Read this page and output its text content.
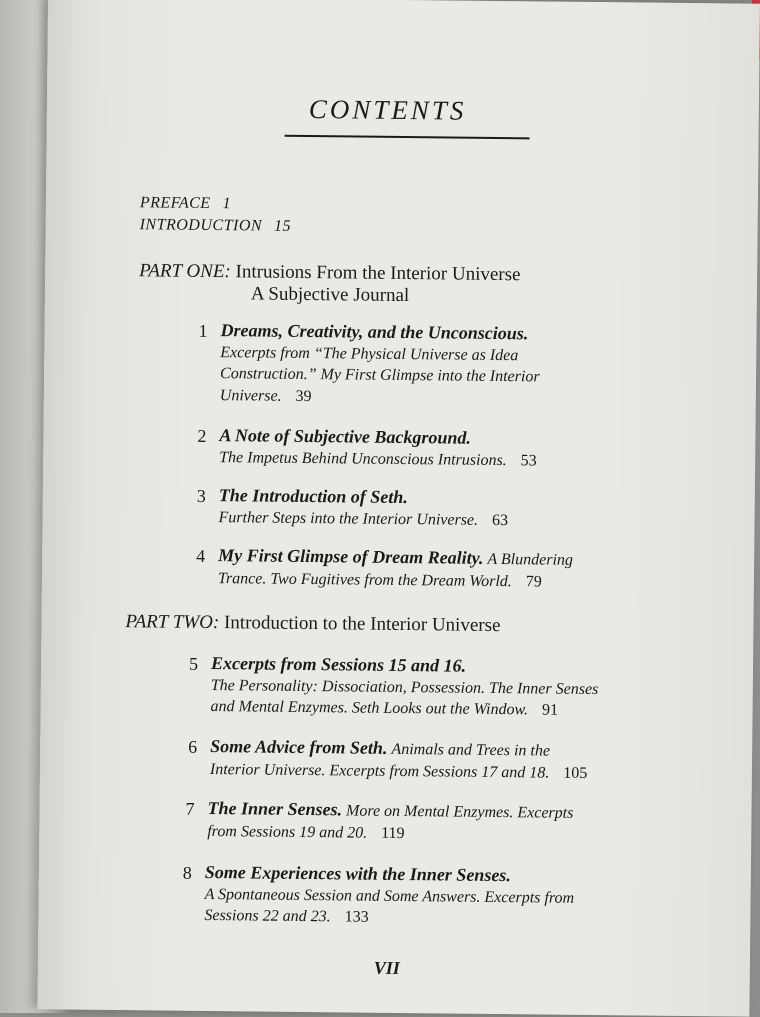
CONTENTS
PREFACE 1
INTRODUCTION 15
PART ONE: Intrusions From the Interior Universe
A Subjective Journal
1 Dreams, Creativity, and the Unconscious.
Excerpts from “The Physical Universe as Idea
Construction.” My First Glimpse into the Interior
Universe. 39
2 A Note of Subjective Background.
The Impetus Behind Unconscious Intrusions. 53
3 The Introduction of Seth.
Further Steps into the Interior Universe. 63
4 My First Glimpse of Dream Reality. A Blundering
Trance. Two Fugitives from the Dream World. 79
PART TWO: Introduction to the Interior Universe
5 Excerpts from Sessions 15 and 16.
The Personality: Dissociation, Possession. The Inner Senses
and Mental Enzymes. Seth Looks out the Window. 91
6 Some Advice from Seth. Animals and Trees in the
Interior Universe. Excerpts from Sessions 17 and 18. 105
7 The Inner Senses. More on Mental Enzymes. Excerpts
from Sessions 19 and 20. 119
8 Some Experiences with the Inner Senses.
A Spontaneous Session and Some Answers. Excerpts from
Sessions 22 and 23. 133
VII
